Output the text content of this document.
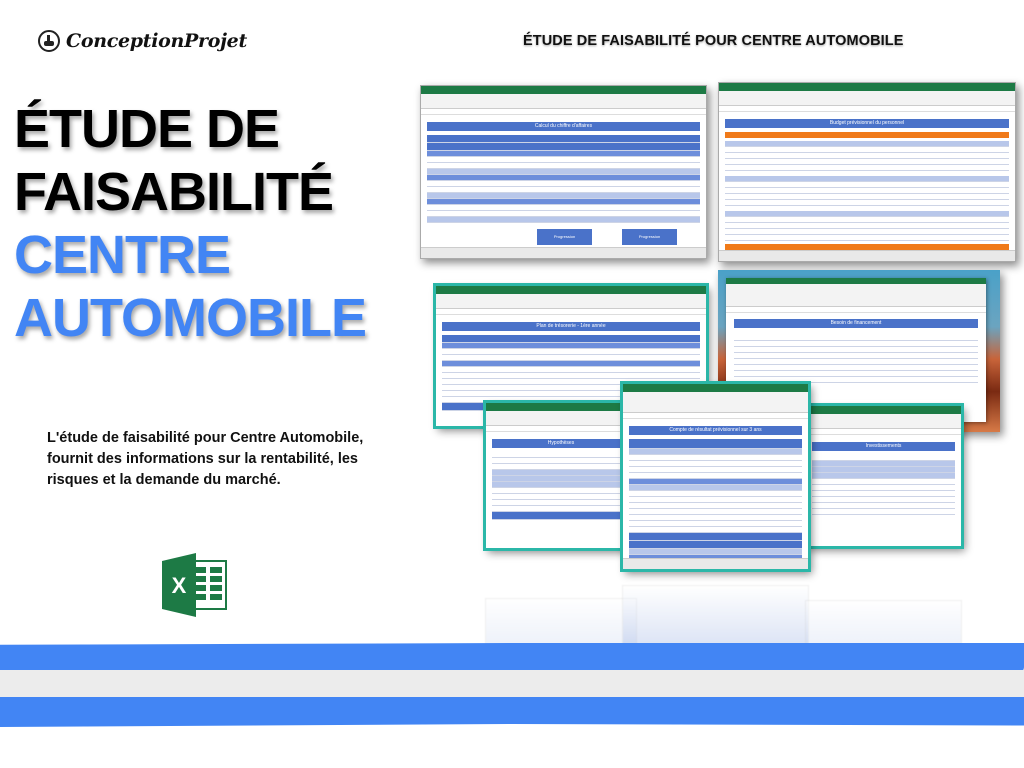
ConceptionProjet	ÉTUDE DE FAISABILITÉ POUR CENTRE AUTOMOBILE
ÉTUDE DE
FAISABILITÉ
CENTRE
AUTOMOBILE
L'étude de faisabilité pour Centre Automobile, fournit des informations sur la rentabilité, les risques et la demande du marché.
X
Calcul du chiffre d'affaires
Progression	Progression
Budget prévisionnel du personnel
Plan de trésorerie - 1ère année	Besoin de financement
Hypothèses	Investissements
Compte de résultat prévisionnel sur 3 ans
